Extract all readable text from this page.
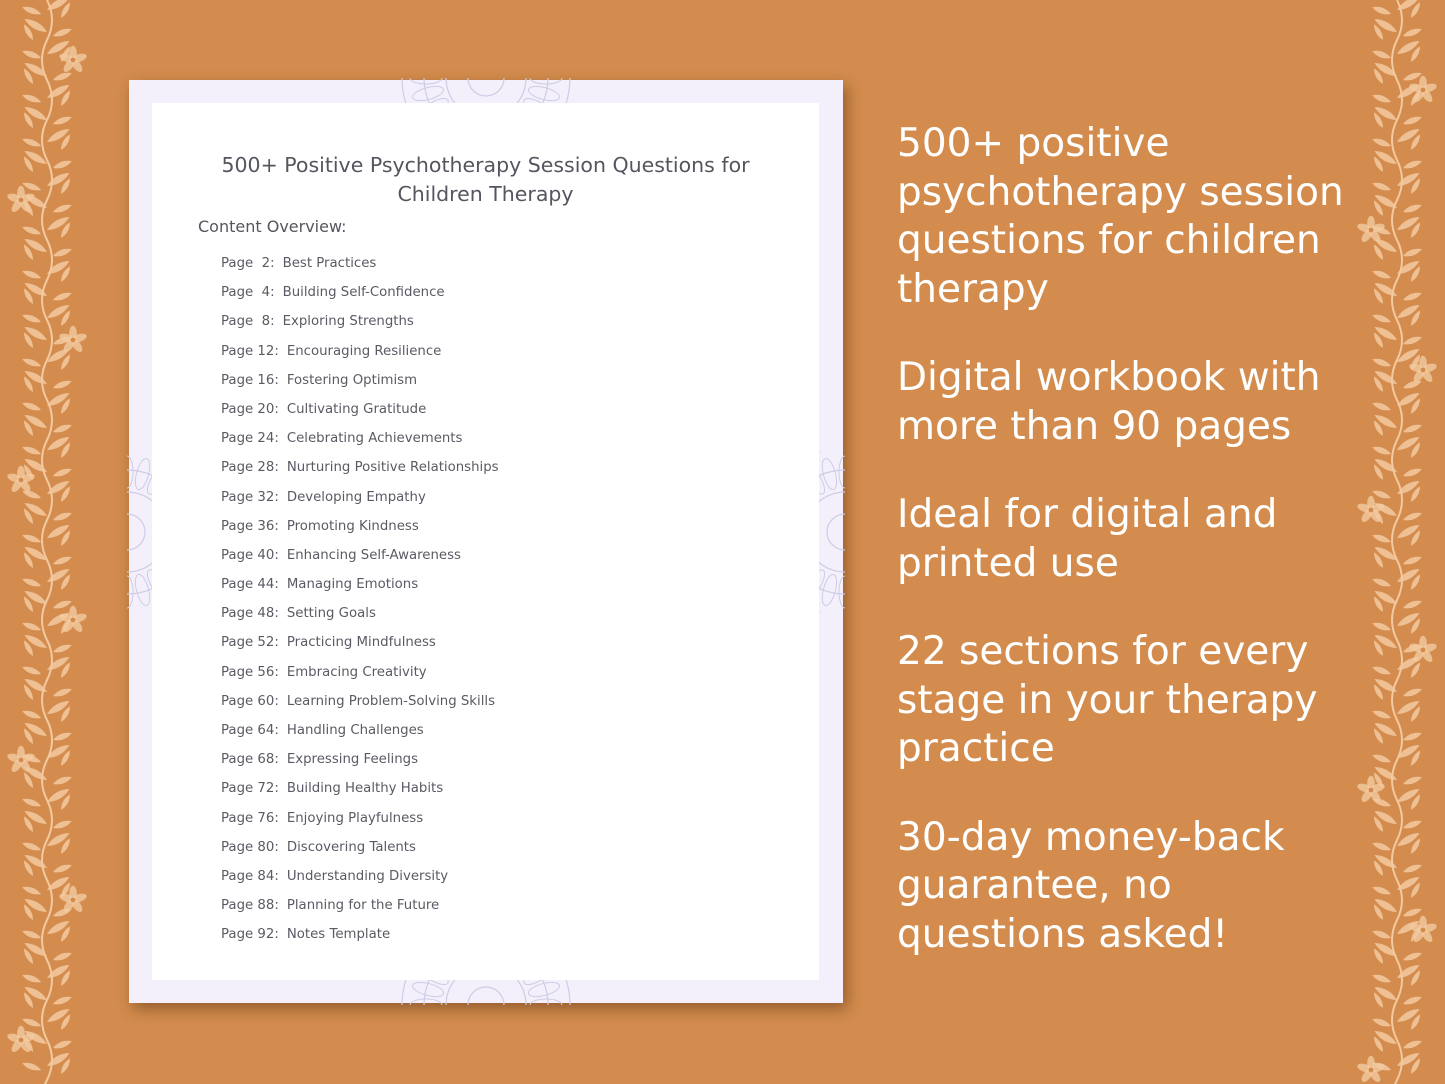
500+ Positive Psychotherapy Session Questions for Children Therapy
Content Overview:
Page  2: Best Practices
Page  4: Building Self-Confidence
Page  8: Exploring Strengths
Page 12: Encouraging Resilience
Page 16: Fostering Optimism
Page 20: Cultivating Gratitude
Page 24: Celebrating Achievements
Page 28: Nurturing Positive Relationships
Page 32: Developing Empathy
Page 36: Promoting Kindness
Page 40: Enhancing Self-Awareness
Page 44: Managing Emotions
Page 48: Setting Goals
Page 52: Practicing Mindfulness
Page 56: Embracing Creativity
Page 60: Learning Problem-Solving Skills
Page 64: Handling Challenges
Page 68: Expressing Feelings
Page 72: Building Healthy Habits
Page 76: Enjoying Playfulness
Page 80: Discovering Talents
Page 84: Understanding Diversity
Page 88: Planning for the Future
Page 92: Notes Template

500+ positive psychotherapy session questions for children therapy

Digital workbook with more than 90 pages

Ideal for digital and printed use

22 sections for every stage in your therapy practice

30-day money-back guarantee, no questions asked!
